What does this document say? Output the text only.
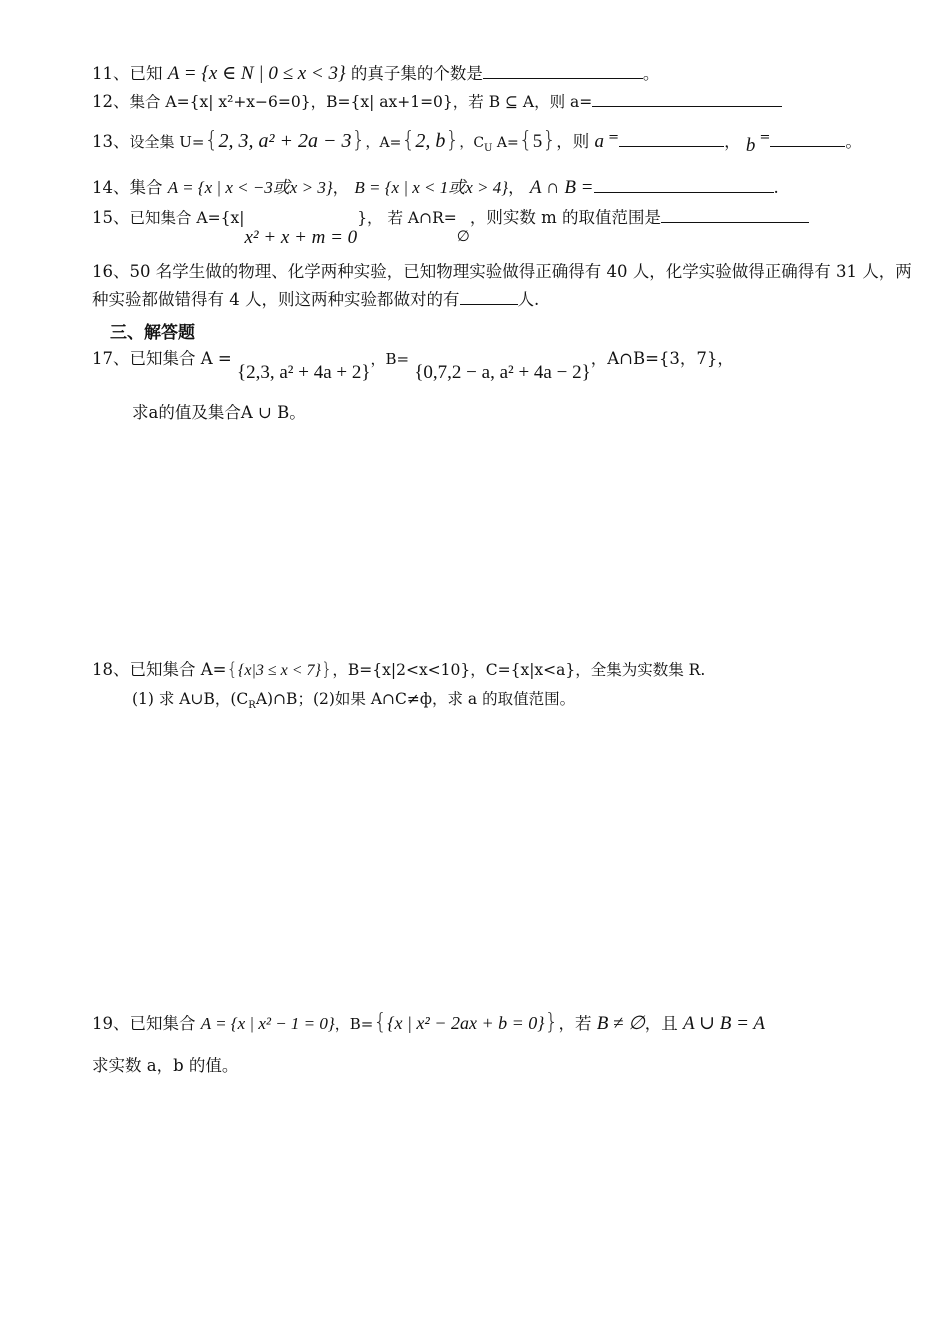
11、已知 A = {x ∈ N | 0 ≤ x < 3} 的真子集的个数是	。
12、集合 A={x| x²+x−6=0}，B={x| ax+1=0}，若 B ⊆ A，则 a=
13、设全集 U={2, 3, a² + 2a − 3}，A={2, b}，$C_U$ A={5}，则 a =	， b =	。
14、集合 A = {x | x < −3或x > 3}， B = {x | x < 1或x > 4}， A ∩ B =	.
15、已知集合 A={x|x² + x + m = 0}， 若 A∩R=∅，则实数 m 的取值范围是
16、50 名学生做的物理、化学两种实验，已知物理实验做得正确得有 40 人，化学实验做得正确得有 31 人，两种实验都做错得有 4 人，则这两种实验都做对的有	人.
三、解答题
17、已知集合 A = {2,3, a² + 4a + 2}，B= {0,7,2 − a, a² + 4a − 2}，A∩B={3，7}，
求a的值及集合A ∪ B。
18、已知集合 A={{x|3 ≤ x < 7}}，B={x|2<x<10}，C={x|x<a}，全集为实数集 R.
(1) 求 A∪B，$(C_RA)\cap B$；(2)如果 A∩C≠ф，求 a 的取值范围。
19、已知集合 A = {x | x² − 1 = 0}，B={{x | x² − 2ax + b = 0}}，若 B ≠ ∅，且 A ∪ B = A
求实数 a，b 的值。
